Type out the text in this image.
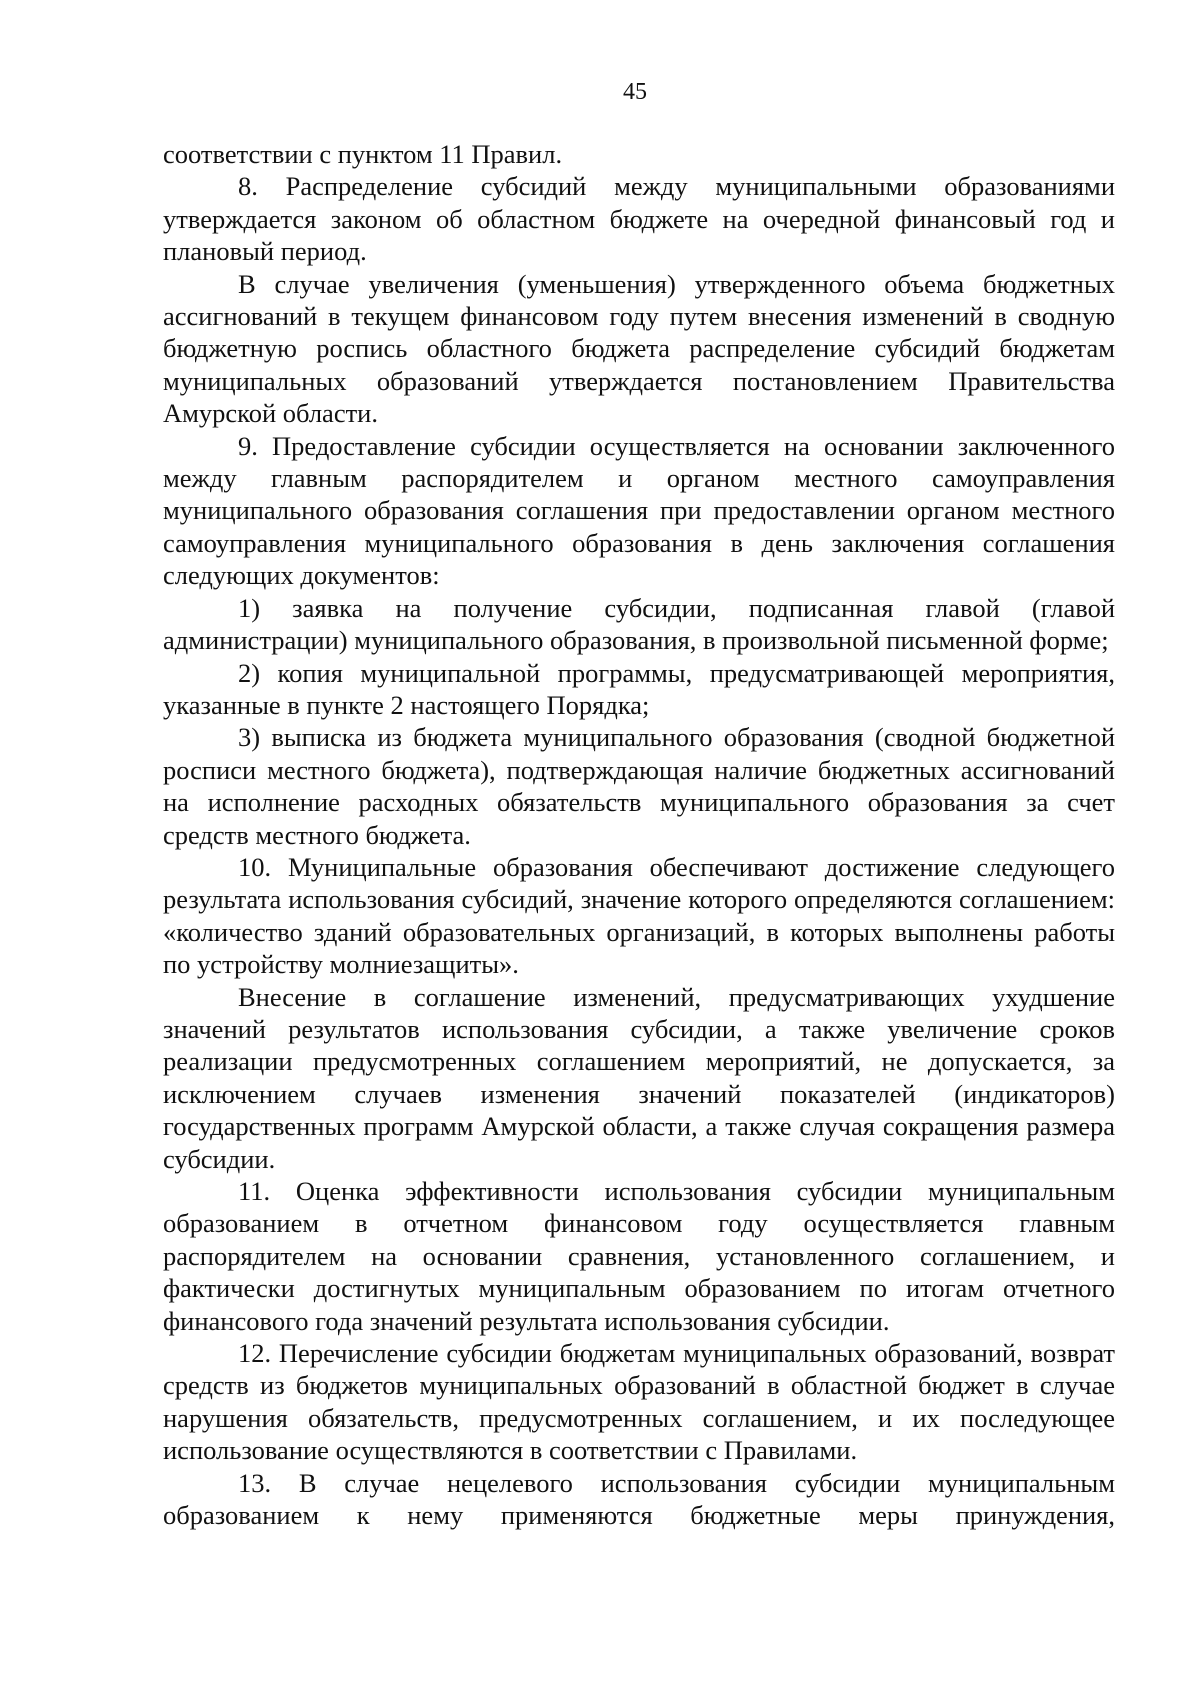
45

соответствии с пунктом 11 Правил.

8. Распределение субсидий между муниципальными образованиями утверждается законом об областном бюджете на очередной финансовый год и плановый период.

В случае увеличения (уменьшения) утвержденного объема бюджетных ассигнований в текущем финансовом году путем внесения изменений в сводную бюджетную роспись областного бюджета распределение субсидий бюджетам муниципальных образований утверждается постановлением Правительства Амурской области.

9. Предоставление субсидии осуществляется на основании заключенного между главным распорядителем и органом местного самоуправления муниципального образования соглашения при предоставлении органом местного самоуправления муниципального образования в день заключения соглашения следующих документов:

1) заявка на получение субсидии, подписанная главой (главой администрации) муниципального образования, в произвольной письменной форме;

2) копия муниципальной программы, предусматривающей мероприятия, указанные в пункте 2 настоящего Порядка;

3) выписка из бюджета муниципального образования (сводной бюджетной росписи местного бюджета), подтверждающая наличие бюджетных ассигнований на исполнение расходных обязательств муниципального образования за счет средств местного бюджета.

10. Муниципальные образования обеспечивают достижение следующего результата использования субсидий, значение которого определяются соглашением: «количество зданий образовательных организаций, в которых выполнены работы по устройству молниезащиты».

Внесение в соглашение изменений, предусматривающих ухудшение значений результатов использования субсидии, а также увеличение сроков реализации предусмотренных соглашением мероприятий, не допускается, за исключением случаев изменения значений показателей (индикаторов) государственных программ Амурской области, а также случая сокращения размера субсидии.

11. Оценка эффективности использования субсидии муниципальным образованием в отчетном финансовом году осуществляется главным распорядителем на основании сравнения, установленного соглашением, и фактически достигнутых муниципальным образованием по итогам отчетного финансового года значений результата использования субсидии.

12. Перечисление субсидии бюджетам муниципальных образований, возврат средств из бюджетов муниципальных образований в областной бюджет в случае нарушения обязательств, предусмотренных соглашением, и их последующее использование осуществляются в соответствии с Правилами.

13. В случае нецелевого использования субсидии муниципальным образованием к нему применяются бюджетные меры принуждения,
